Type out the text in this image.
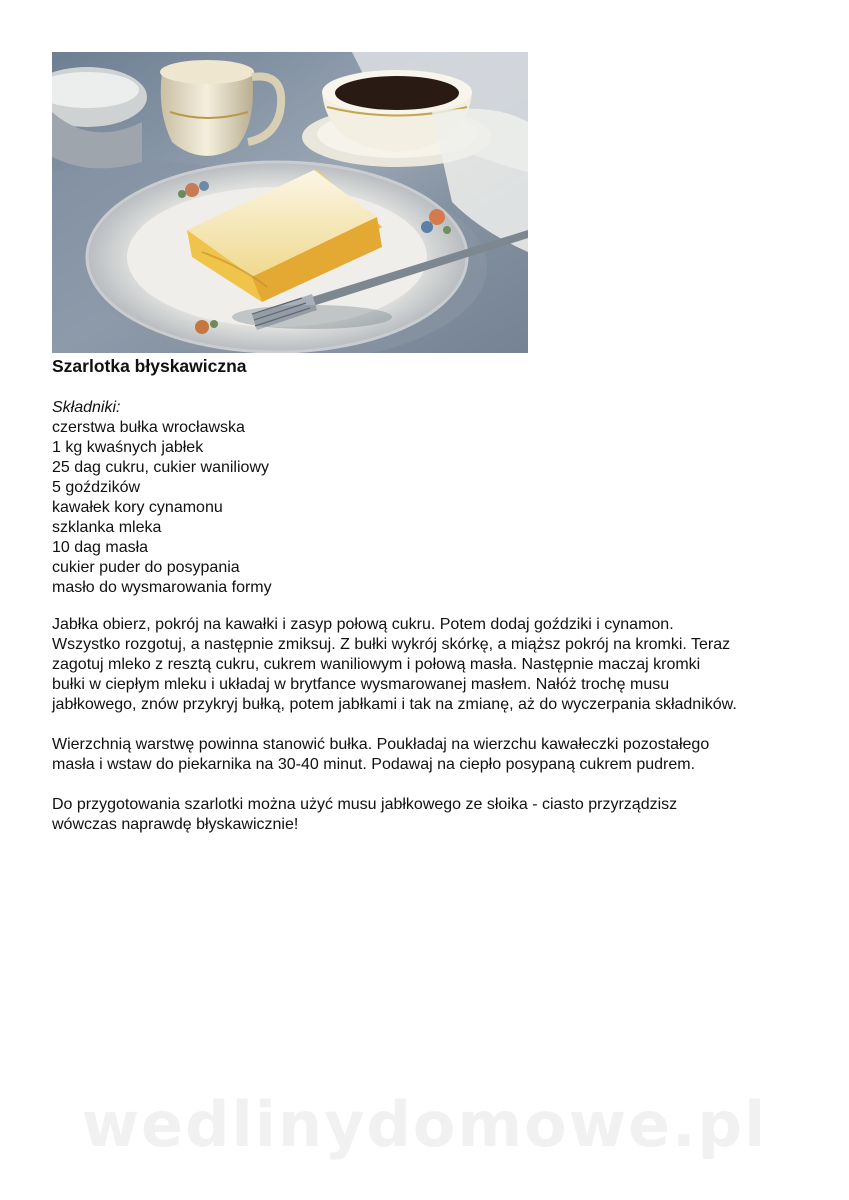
Szarlotka błyskawiczna

Składniki:

czerstwa bułka wrocławska
1 kg kwaśnych jabłek
25 dag cukru, cukier waniliowy
5 goździków
kawałek kory cynamonu
szklanka mleka
10 dag masła
cukier puder do posypania
masło do wysmarowania formy

Jabłka obierz, pokrój na kawałki i zasyp połową cukru. Potem dodaj goździki i cynamon.
Wszystko rozgotuj, a następnie zmiksuj. Z bułki wykrój skórkę, a miąższ pokrój na kromki. Teraz
zagotuj mleko z resztą cukru, cukrem waniliowym i połową masła. Następnie maczaj kromki
bułki w ciepłym mleku i układaj w brytfance wysmarowanej masłem. Nałóż trochę musu
jabłkowego, znów przykryj bułką, potem jabłkami i tak na zmianę, aż do wyczerpania składników.

Wierzchnią warstwę powinna stanowić bułka. Poukładaj na wierzchu kawałeczki pozostałego
masła i wstaw do piekarnika na 30-40 minut. Podawaj na ciepło posypaną cukrem pudrem.

Do przygotowania szarlotki można użyć musu jabłkowego ze słoika - ciasto przyrządzisz
wówczas naprawdę błyskawicznie!

wedlinydomowe.pl
